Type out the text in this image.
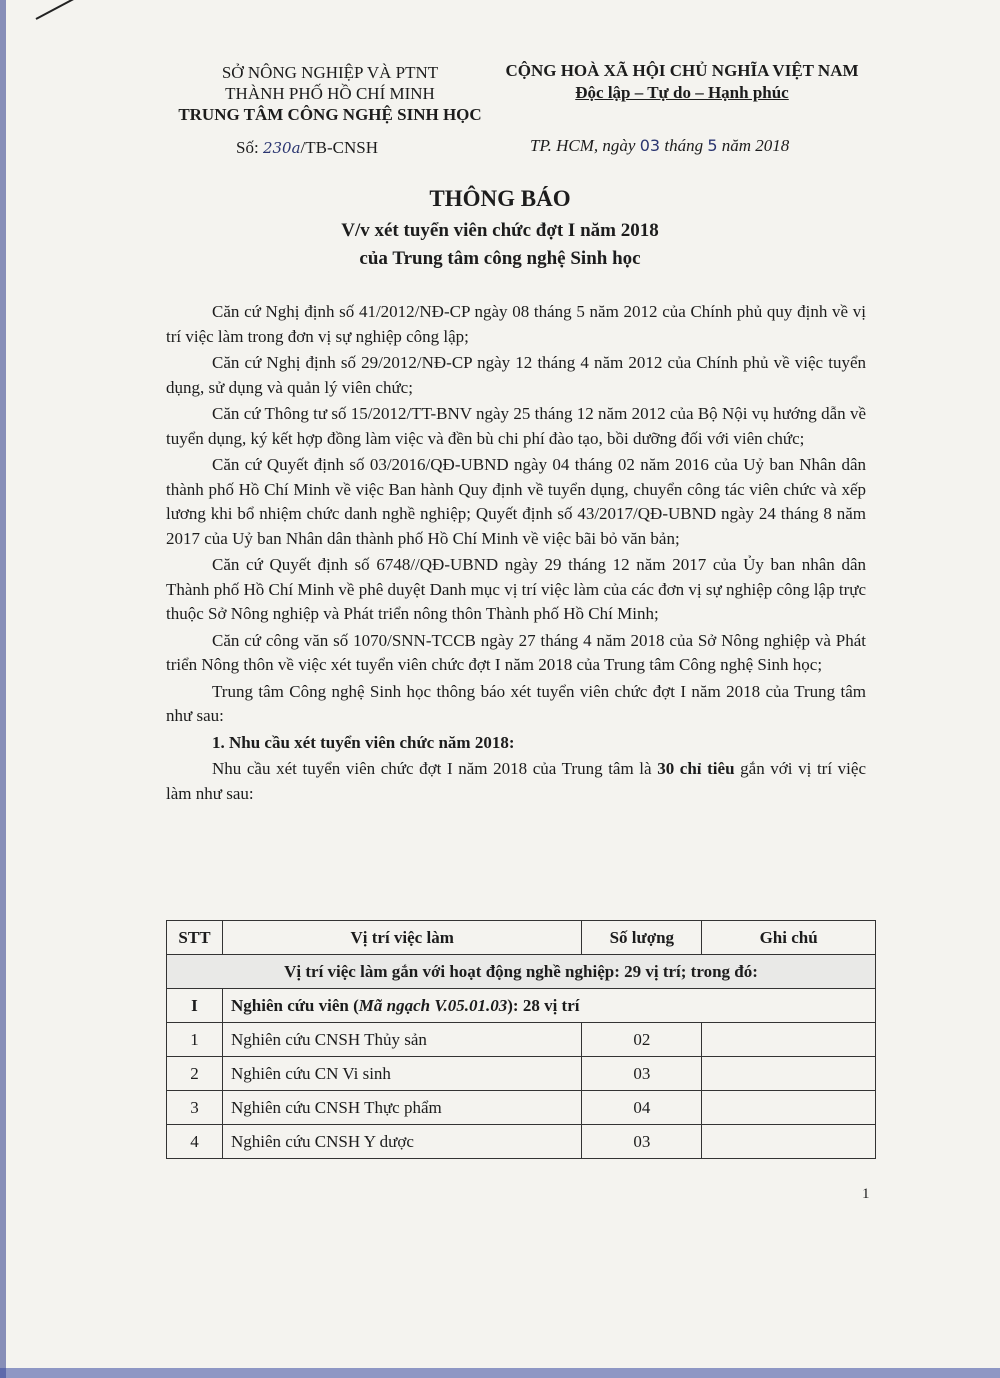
SỞ NÔNG NGHIỆP VÀ PTNT
THÀNH PHỐ HỒ CHÍ MINH
TRUNG TÂM CÔNG NGHỆ SINH HỌC
CỘNG HOÀ XÃ HỘI CHỦ NGHĨA VIỆT NAM
Độc lập – Tự do – Hạnh phúc
Số: 230a/TB-CNSH	TP. HCM, ngày 03 tháng 5 năm 2018
THÔNG BÁO
V/v xét tuyển viên chức đợt I năm 2018
của Trung tâm công nghệ Sinh học

Căn cứ Nghị định số 41/2012/NĐ-CP ngày 08 tháng 5 năm 2012 của Chính phủ quy định về vị trí việc làm trong đơn vị sự nghiệp công lập;

Căn cứ Nghị định số 29/2012/NĐ-CP ngày 12 tháng 4 năm 2012 của Chính phủ về việc tuyển dụng, sử dụng và quản lý viên chức;

Căn cứ Thông tư số 15/2012/TT-BNV ngày 25 tháng 12 năm 2012 của Bộ Nội vụ hướng dẫn về tuyển dụng, ký kết hợp đồng làm việc và đền bù chi phí đào tạo, bồi dưỡng đối với viên chức;

Căn cứ Quyết định số 03/2016/QĐ-UBND ngày 04 tháng 02 năm 2016 của Uỷ ban Nhân dân thành phố Hồ Chí Minh về việc Ban hành Quy định về tuyển dụng, chuyển công tác viên chức và xếp lương khi bổ nhiệm chức danh nghề nghiệp; Quyết định số 43/2017/QĐ-UBND ngày 24 tháng 8 năm 2017 của Uỷ ban Nhân dân thành phố Hồ Chí Minh về việc bãi bỏ văn bản;

Căn cứ Quyết định số 6748//QĐ-UBND ngày 29 tháng 12 năm 2017 của Ủy ban nhân dân Thành phố Hồ Chí Minh về phê duyệt Danh mục vị trí việc làm của các đơn vị sự nghiệp công lập trực thuộc Sở Nông nghiệp và Phát triển nông thôn Thành phố Hồ Chí Minh;

Căn cứ công văn số 1070/SNN-TCCB ngày 27 tháng 4 năm 2018 của Sở Nông nghiệp và Phát triển Nông thôn về việc xét tuyển viên chức đợt I năm 2018 của Trung tâm Công nghệ Sinh học;

Trung tâm Công nghệ Sinh học thông báo xét tuyển viên chức đợt I năm 2018 của Trung tâm như sau:

1. Nhu cầu xét tuyển viên chức năm 2018:

Nhu cầu xét tuyển viên chức đợt I năm 2018 của Trung tâm là 30 chỉ tiêu gắn với vị trí việc làm như sau:

STT	Vị trí việc làm	Số lượng	Ghi chú
Vị trí việc làm gắn với hoạt động nghề nghiệp: 29 vị trí; trong đó:			
I	Nghiên cứu viên (Mã ngạch V.05.01.03): 28 vị trí		
1	Nghiên cứu CNSH Thủy sản	02	
2	Nghiên cứu CN Vi sinh	03	
3	Nghiên cứu CNSH Thực phẩm	04	
4	Nghiên cứu CNSH Y dược	03	
1
